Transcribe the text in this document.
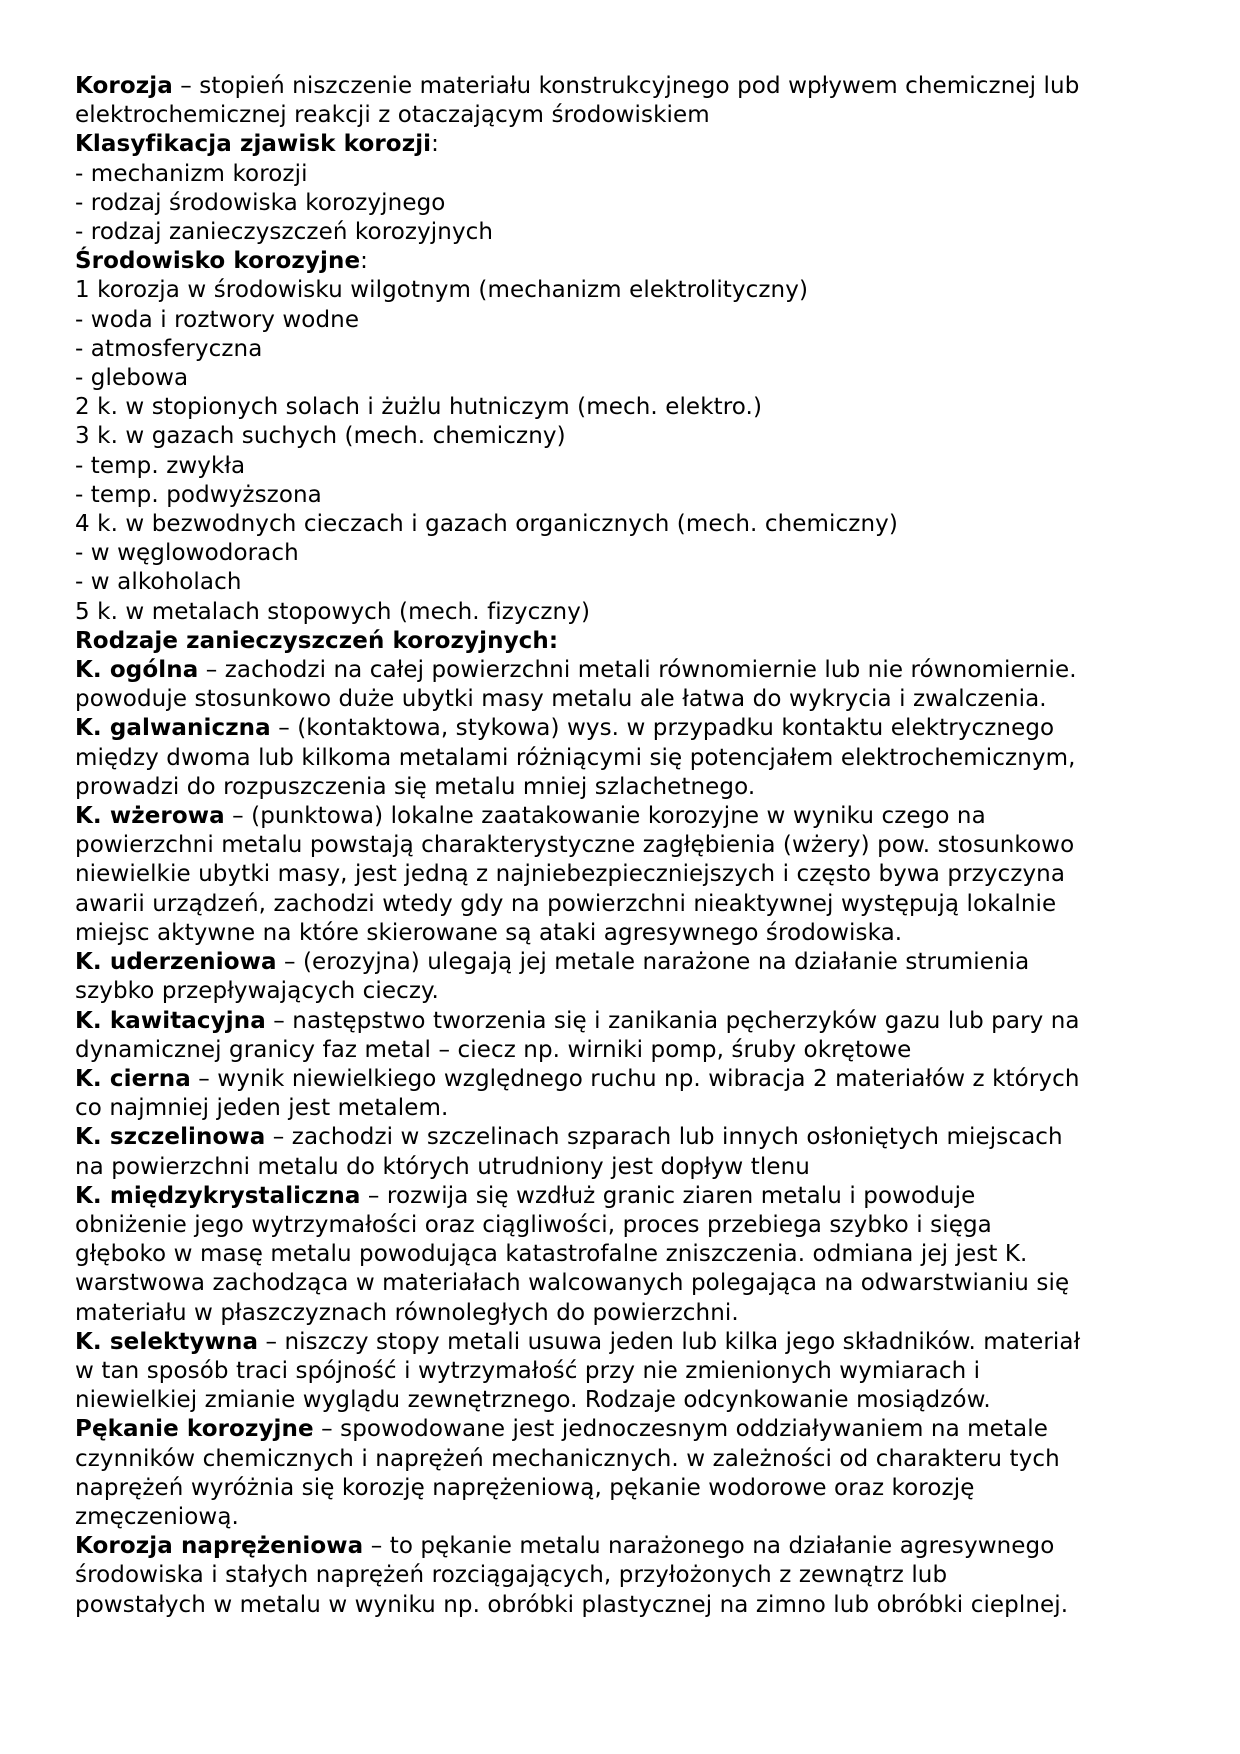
Korozja – stopień niszczenie materiału konstrukcyjnego pod wpływem chemicznej lub
elektrochemicznej reakcji z otaczającym środowiskiem
Klasyfikacja zjawisk korozji:
- mechanizm korozji
- rodzaj środowiska korozyjnego
- rodzaj zanieczyszczeń korozyjnych
Środowisko korozyjne:
1 korozja w środowisku wilgotnym (mechanizm elektrolityczny)
- woda i roztwory wodne
- atmosferyczna
- glebowa
2 k. w stopionych solach i żużlu hutniczym (mech. elektro.)
3 k. w gazach suchych (mech. chemiczny)
- temp. zwykła
- temp. podwyższona
4 k. w bezwodnych cieczach i gazach organicznych (mech. chemiczny)
- w węglowodorach
- w alkoholach
5 k. w metalach stopowych (mech. fizyczny)
Rodzaje zanieczyszczeń korozyjnych:
K. ogólna – zachodzi na całej powierzchni metali równomiernie lub nie równomiernie.
powoduje stosunkowo duże ubytki masy metalu ale łatwa do wykrycia i zwalczenia.
K. galwaniczna – (kontaktowa, stykowa) wys. w przypadku kontaktu elektrycznego
między dwoma lub kilkoma metalami różniącymi się potencjałem elektrochemicznym,
prowadzi do rozpuszczenia się metalu mniej szlachetnego.
K. wżerowa – (punktowa) lokalne zaatakowanie korozyjne w wyniku czego na
powierzchni metalu powstają charakterystyczne zagłębienia (wżery) pow. stosunkowo
niewielkie ubytki masy, jest jedną z najniebezpieczniejszych i często bywa przyczyna
awarii urządzeń, zachodzi wtedy gdy na powierzchni nieaktywnej występują lokalnie
miejsc aktywne na które skierowane są ataki agresywnego środowiska.
K. uderzeniowa – (erozyjna) ulegają jej metale narażone na działanie strumienia
szybko przepływających cieczy.
K. kawitacyjna – następstwo tworzenia się i zanikania pęcherzyków gazu lub pary na
dynamicznej granicy faz metal – ciecz np. wirniki pomp, śruby okrętowe
K. cierna – wynik niewielkiego względnego ruchu np. wibracja 2 materiałów z których
co najmniej jeden jest metalem.
K. szczelinowa – zachodzi w szczelinach szparach lub innych osłoniętych miejscach
na powierzchni metalu do których utrudniony jest dopływ tlenu
K. międzykrystaliczna – rozwija się wzdłuż granic ziaren metalu i powoduje
obniżenie jego wytrzymałości oraz ciągliwości, proces przebiega szybko i sięga
głęboko w masę metalu powodująca katastrofalne zniszczenia. odmiana jej jest K.
warstwowa zachodząca w materiałach walcowanych polegająca na odwarstwianiu się
materiału w płaszczyznach równoległych do powierzchni.
K. selektywna – niszczy stopy metali usuwa jeden lub kilka jego składników. materiał
w tan sposób traci spójność i wytrzymałość przy nie zmienionych wymiarach i
niewielkiej zmianie wyglądu zewnętrznego. Rodzaje odcynkowanie mosiądzów.
Pękanie korozyjne – spowodowane jest jednoczesnym oddziaływaniem na metale
czynników chemicznych i naprężeń mechanicznych. w zależności od charakteru tych
naprężeń wyróżnia się korozję naprężeniową, pękanie wodorowe oraz korozję
zmęczeniową.
Korozja naprężeniowa – to pękanie metalu narażonego na działanie agresywnego
środowiska i stałych naprężeń rozciągających, przyłożonych z zewnątrz lub
powstałych w metalu w wyniku np. obróbki plastycznej na zimno lub obróbki cieplnej.
